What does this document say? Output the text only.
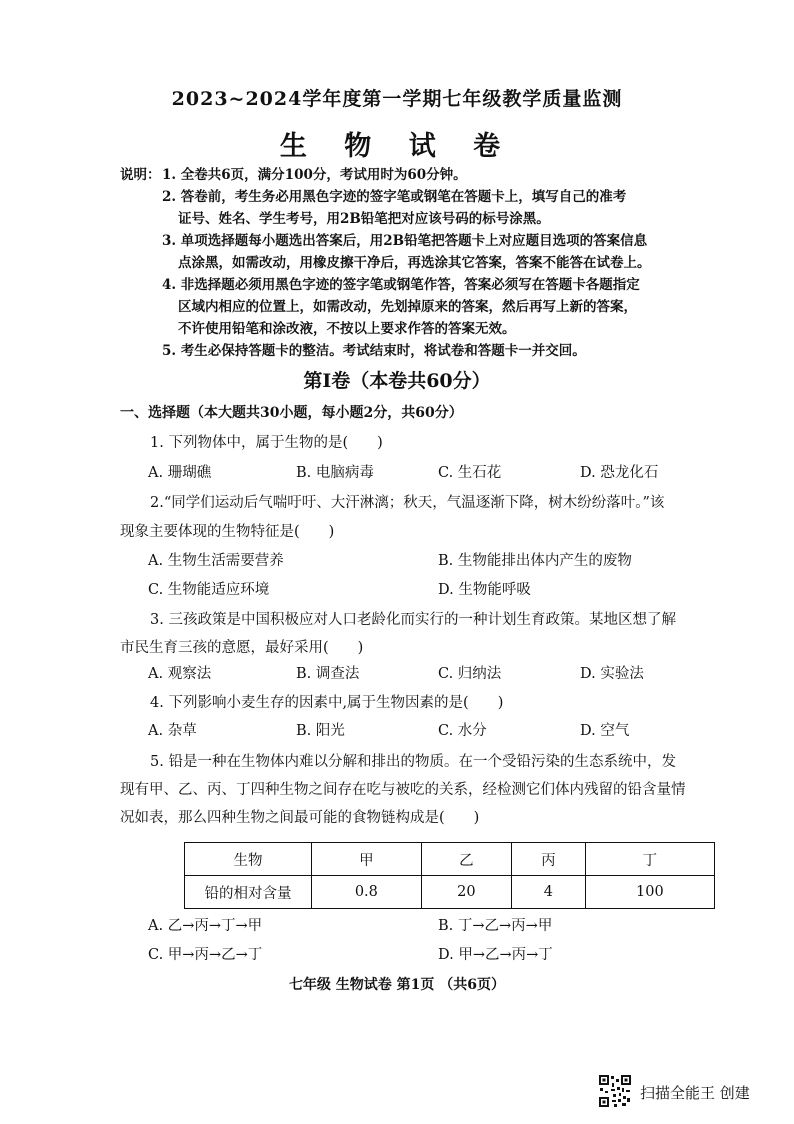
2023~2024学年度第一学期七年级教学质量监测
生 物 试 卷
说明： 1. 全卷共6页，满分100分，考试用时为60分钟。
2. 答卷前，考生务必用黑色字迹的签字笔或钢笔在答题卡上，填写自己的准考
证号、姓名、学生考号，用2B铅笔把对应该号码的标号涂黑。
3. 单项选择题每小题选出答案后，用2B铅笔把答题卡上对应题目选项的答案信息
点涂黑，如需改动，用橡皮擦干净后，再选涂其它答案，答案不能答在试卷上。
4. 非选择题必须用黑色字迹的签字笔或钢笔作答，答案必须写在答题卡各题指定
区域内相应的位置上，如需改动，先划掉原来的答案，然后再写上新的答案，
不许使用铅笔和涂改液，不按以上要求作答的答案无效。
5. 考生必保持答题卡的整洁。考试结束时，将试卷和答题卡一并交回。
第Ⅰ卷（本卷共60分）
一、选择题（本大题共30小题，每小题2分，共60分）
1. 下列物体中，属于生物的是(　　)
A. 珊瑚礁	B. 电脑病毒	C. 生石花	D. 恐龙化石
2.“同学们运动后气喘吁吁、大汗淋漓；秋天，气温逐渐下降，树木纷纷落叶。”该
现象主要体现的生物特征是(　　)
A. 生物生活需要营养	B. 生物能排出体内产生的废物
C. 生物能适应环境	D. 生物能呼吸
3. 三孩政策是中国积极应对人口老龄化而实行的一种计划生育政策。某地区想了解
市民生育三孩的意愿，最好采用(　　)
A. 观察法	B. 调查法	C. 归纳法	D. 实验法
4. 下列影响小麦生存的因素中,属于生物因素的是(　　)
A. 杂草	B. 阳光	C. 水分	D. 空气
5. 铅是一种在生物体内难以分解和排出的物质。在一个受铅污染的生态系统中，发
现有甲、乙、丙、丁四种生物之间存在吃与被吃的关系，经检测它们体内残留的铅含量情
况如表，那么四种生物之间最可能的食物链构成是(　　)
生物	甲	乙	丙	丁
铅的相对含量	0.8	20	4	100
A. 乙→丙→丁→甲	B. 丁→乙→丙→甲
C. 甲→丙→乙→丁	D. 甲→乙→丙→丁
七年级 生物试卷 第1页 （共6页）
扫描全能王 创建
